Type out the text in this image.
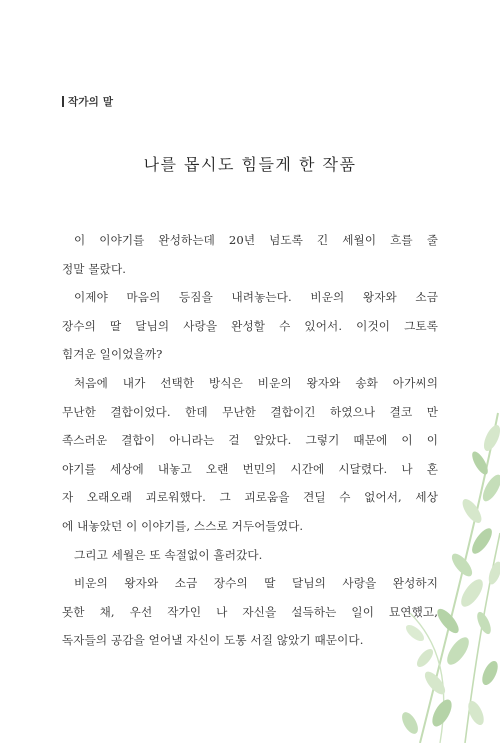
작가의 말
나를 몹시도 힘들게 한 작품
이 이야기를 완성하는데 20년 넘도록 긴 세월이 흐를 줄
정말 몰랐다.
이제야 마음의 등짐을 내려놓는다. 비운의 왕자와 소금
장수의 딸 달님의 사랑을 완성할 수 있어서. 이것이 그토록
힘겨운 일이었을까?
처음에 내가 선택한 방식은 비운의 왕자와 송화 아가씨의
무난한 결합이었다. 한데 무난한 결합이긴 하였으나 결코 만
족스러운 결합이 아니라는 걸 알았다. 그렇기 때문에 이 이
야기를 세상에 내놓고 오랜 번민의 시간에 시달렸다. 나 혼
자 오래오래 괴로워했다. 그 괴로움을 견딜 수 없어서, 세상
에 내놓았던 이 이야기를, 스스로 거두어들였다.
그리고 세월은 또 속절없이 흘러갔다.
비운의 왕자와 소금 장수의 딸 달님의 사랑을 완성하지
못한 채, 우선 작가인 나 자신을 설득하는 일이 묘연했고,
독자들의 공감을 얻어낼 자신이 도통 서질 않았기 때문이다.
